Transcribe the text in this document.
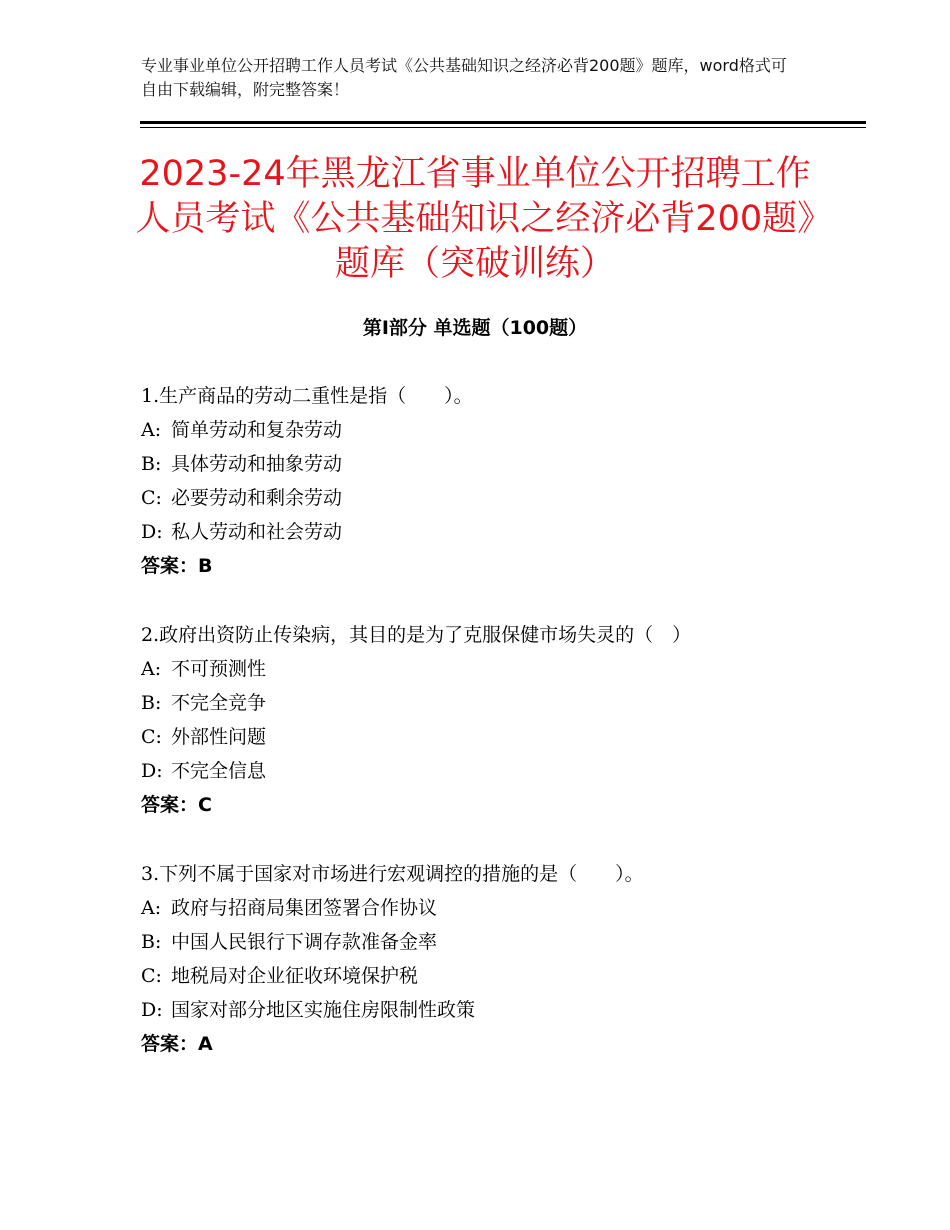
专业事业单位公开招聘工作人员考试《公共基础知识之经济必背200题》题库，word格式可自由下载编辑，附完整答案！
2023-24年黑龙江省事业单位公开招聘工作人员考试《公共基础知识之经济必背200题》题库（突破训练）
第Ⅰ部分 单选题（100题）
1.生产商品的劳动二重性是指（　　）。
A: 简单劳动和复杂劳动
B: 具体劳动和抽象劳动
C: 必要劳动和剩余劳动
D: 私人劳动和社会劳动
答案：B
2.政府出资防止传染病，其目的是为了克服保健市场失灵的（　）
A: 不可预测性
B: 不完全竞争
C: 外部性问题
D: 不完全信息
答案：C
3.下列不属于国家对市场进行宏观调控的措施的是（　　）。
A: 政府与招商局集团签署合作协议
B: 中国人民银行下调存款准备金率
C: 地税局对企业征收环境保护税
D: 国家对部分地区实施住房限制性政策
答案：A
